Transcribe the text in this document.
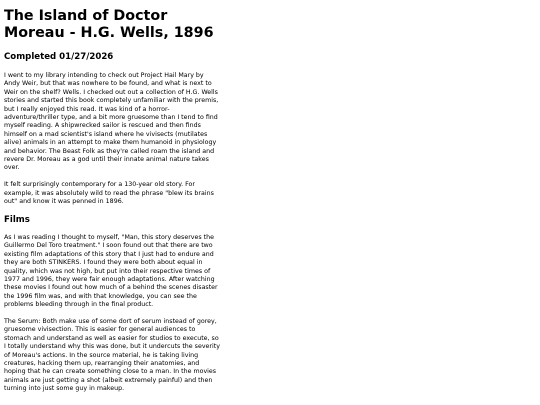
The Island of Doctor Moreau - H.G. Wells, 1896
Completed 01/27/2026

I went to my library intending to check out Project Hail Mary by Andy Weir, but that was nowhere to be found, and what is next to Weir on the shelf? Wells. I checked out out a collection of H.G. Wells stories and started this book completely unfamiliar with the premis, but I really enjoyed this read. It was kind of a horror-adventure/thriller type, and a bit more gruesome than I tend to find myself reading. A shipwrecked sailor is rescued and then finds himself on a mad scientist's island where he vivisects (mutilates alive) animals in an attempt to make them humanoid in physiology and behavior. The Beast Folk as they're called roam the island and revere Dr. Moreau as a god until their innate animal nature takes over.

It felt surprisingly contemporary for a 130-year old story. For example, it was absolutely wild to read the phrase "blew its brains out" and know it was penned in 1896.

Films

As I was reading I thought to myself, "Man, this story deserves the Guillermo Del Toro treatment." I soon found out that there are two existing film adaptations of this story that I just had to endure and they are both STINKERS. I found they were both about equal in quality, which was not high, but put into their respective times of 1977 and 1996, they were fair enough adaptations. After watching these movies I found out how much of a behind the scenes disaster the 1996 film was, and with that knowledge, you can see the problems bleeding through in the final product.

The Serum: Both make use of some dort of serum instead of gorey, gruesome vivisection. This is easier for general audiences to stomach and understand as well as easier for studios to execute, so I totally understand why this was done, but it undercuts the severity of Moreau's actions. In the source material, he is taking living creatures, hacking them up, rearranging their anatomies, and hoping that he can create something close to a man. In the movies animals are just getting a shot (albeit extremely painful) and then turning into just some guy in makeup.
